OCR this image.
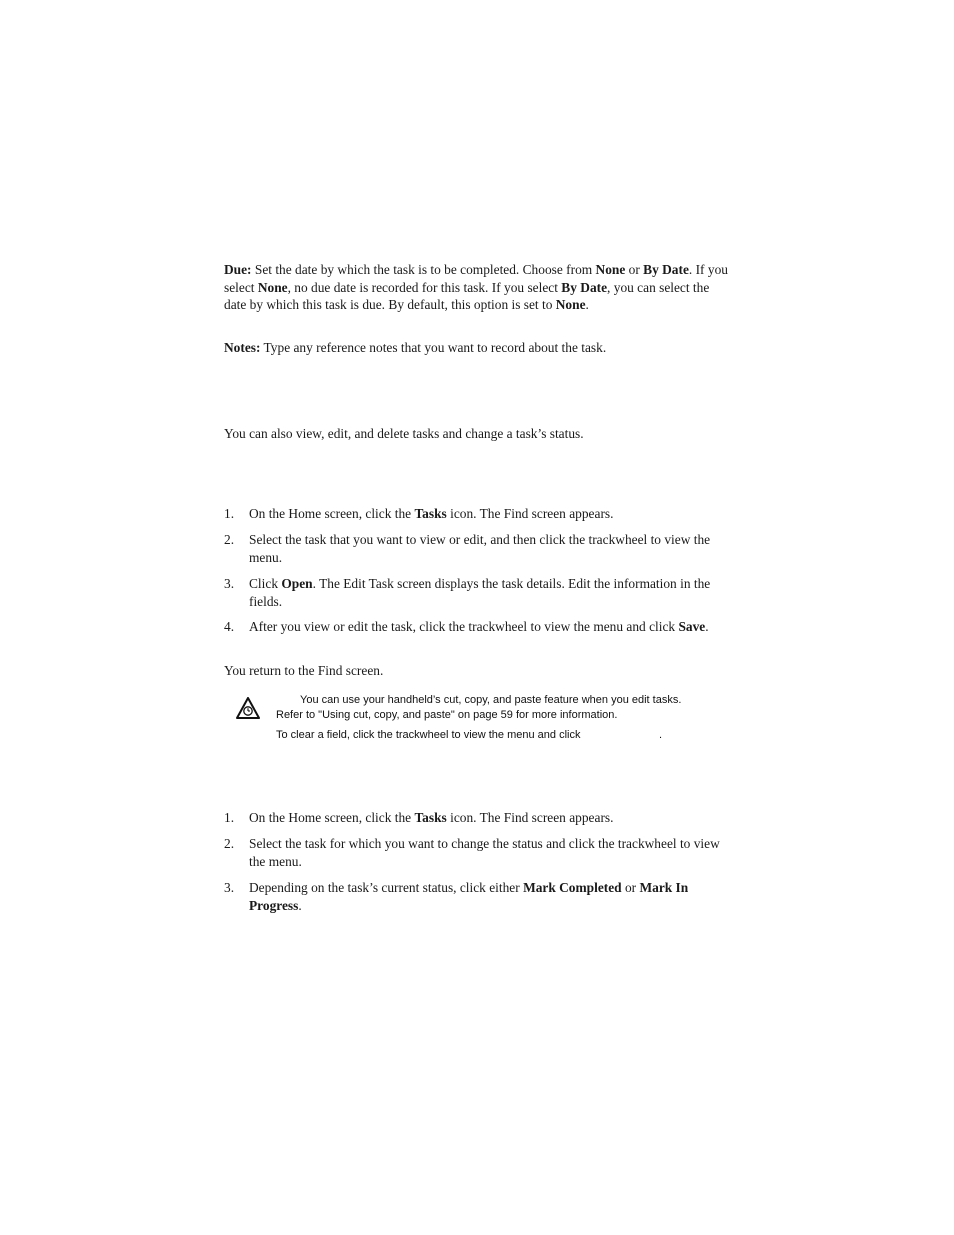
Due: Set the date by which the task is to be completed. Choose from None or By Date. If you select None, no due date is recorded for this task. If you select By Date, you can select the date by which this task is due. By default, this option is set to None.

Notes: Type any reference notes that you want to record about the task.

You can also view, edit, and delete tasks and change a task’s status.

1. On the Home screen, click the Tasks icon. The Find screen appears.
2. Select the task that you want to view or edit, and then click the trackwheel to view the menu.
3. Click Open. The Edit Task screen displays the task details. Edit the information in the fields.
4. After you view or edit the task, click the trackwheel to view the menu and click Save.

You return to the Find screen.

You can use your handheld’s cut, copy, and paste feature when you edit tasks.
Refer to "Using cut, copy, and paste" on page 59 for more information.
To clear a field, click the trackwheel to view the menu and click	.
1. On the Home screen, click the Tasks icon. The Find screen appears.
2. Select the task for which you want to change the status and click the trackwheel to view the menu.
3. Depending on the task’s current status, click either Mark Completed or Mark In Progress.
